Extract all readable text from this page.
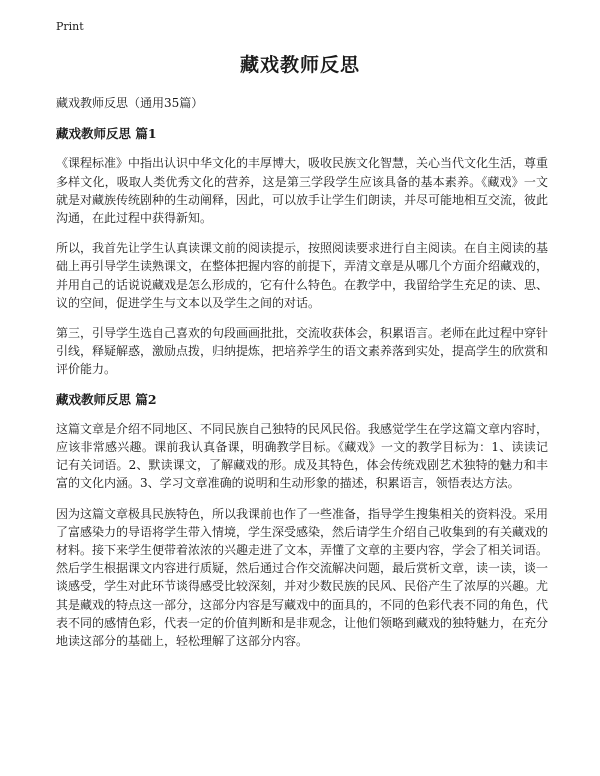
Print
藏戏教师反思

藏戏教师反思（通用35篇）

藏戏教师反思 篇1

《课程标准》中指出认识中华文化的丰厚博大，吸收民族文化智慧，关心当代文化生活，尊重多样文化，吸取人类优秀文化的营养，这是第三学段学生应该具备的基本素养。《藏戏》一文就是对藏族传统剧种的生动阐释，因此，可以放手让学生们朗读，并尽可能地相互交流，彼此沟通，在此过程中获得新知。

所以，我首先让学生认真读课文前的阅读提示，按照阅读要求进行自主阅读。在自主阅读的基础上再引导学生读熟课文，在整体把握内容的前提下，弄清文章是从哪几个方面介绍藏戏的，并用自己的话说说藏戏是怎么形成的，它有什么特色。在教学中，我留给学生充足的读、思、议的空间，促进学生与文本以及学生之间的对话。

第三，引导学生选自己喜欢的句段画画批批，交流收获体会，积累语言。老师在此过程中穿针引线，释疑解惑，激励点拨，归纳提炼，把培养学生的语文素养落到实处，提高学生的欣赏和评价能力。

藏戏教师反思 篇2

这篇文章是介绍不同地区、不同民族自己独特的民风民俗。我感觉学生在学这篇文章内容时，应该非常感兴趣。课前我认真备课，明确教学目标。《藏戏》一文的教学目标为：1、读读记记有关词语。2、默读课文，了解藏戏的形。成及其特色，体会传统戏剧艺术独特的魅力和丰富的文化内涵。3、学习文章准确的说明和生动形象的描述，积累语言，领悟表达方法。

因为这篇文章极具民族特色，所以我课前也作了一些准备，指导学生搜集相关的资料没。采用了富感染力的导语将学生带入情境，学生深受感染，然后请学生介绍自己收集到的有关藏戏的材料。接下来学生便带着浓浓的兴趣走进了文本，弄懂了文章的主要内容，学会了相关词语。然后学生根据课文内容进行质疑，然后通过合作交流解决问题，最后赏析文章，读一读，谈一谈感受，学生对此环节谈得感受比较深刻，并对少数民族的民风、民俗产生了浓厚的兴趣。尤其是藏戏的特点这一部分，这部分内容是写藏戏中的面具的，不同的色彩代表不同的角色，代表不同的感情色彩，代表一定的价值判断和是非观念，让他们领略到藏戏的独特魅力，在充分地读这部分的基础上，轻松理解了这部分内容。
